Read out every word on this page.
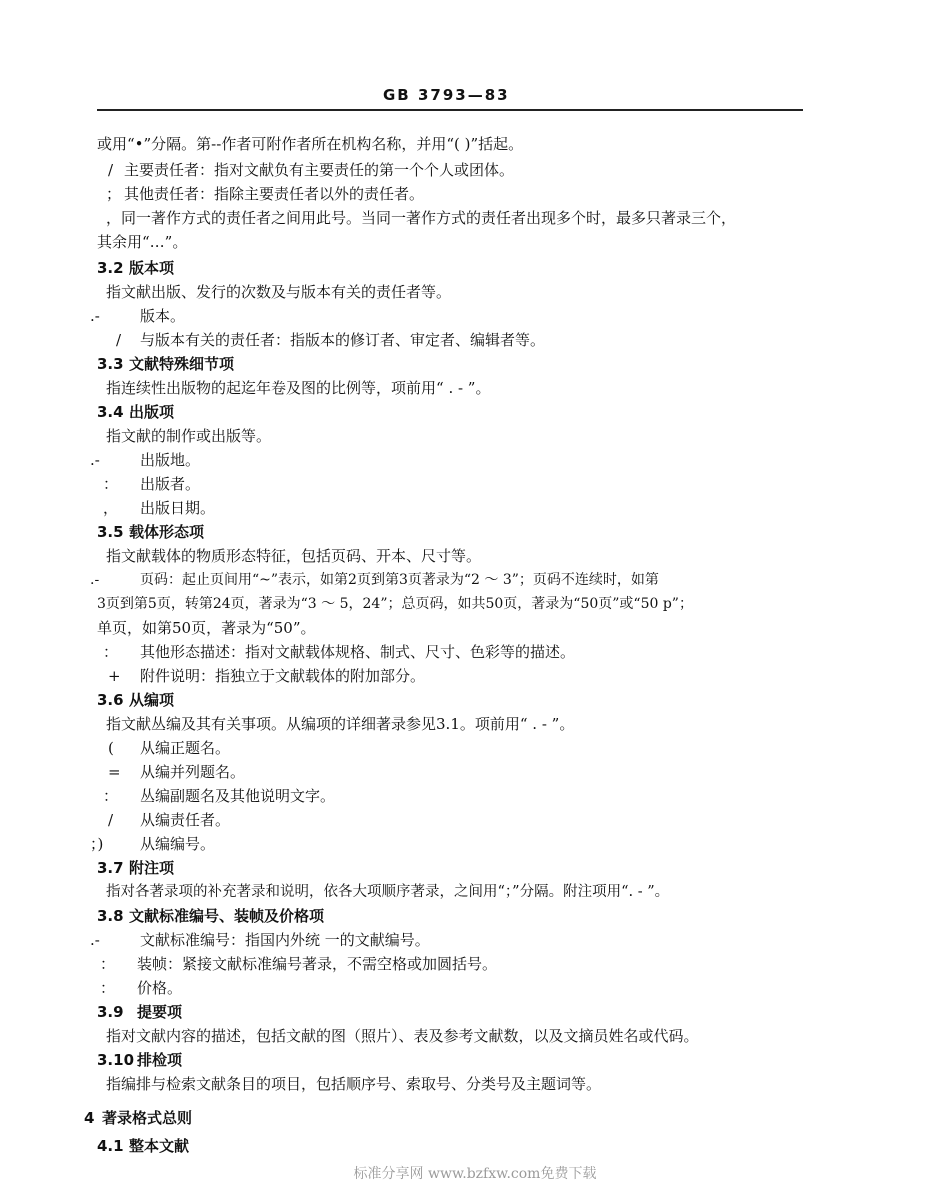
GB 3793—83
或用“•”分隔。第--作者可附作者所在机构名称，并用“( )”括起。
/ 主要责任者：指对文献负有主要责任的第一个个人或团体。
； 其他责任者：指除主要责任者以外的责任者。
，同一著作方式的责任者之间用此号。当同一著作方式的责任者出现多个时，最多只著录三个，
其余用“…”。
3.2 版本项
指文献出版、发行的次数及与版本有关的责任者等。
.-	版本。
/ 与版本有关的责任者：指版本的修订者、审定者、编辑者等。
3.3 文献特殊细节项
指连续性出版物的起迄年卷及图的比例等，项前用“ . - ”。
3.4 出版项
指文献的制作或出版等。
.-	出版地。
： 出版者。
， 出版日期。
3.5 载体形态项
指文献载体的物质形态特征，包括页码、开本、尺寸等。
.-	页码：起止页间用“~”表示，如第2页到第3页著录为“2 ～ 3”；页码不连续时，如第
3页到第5页，转第24页，著录为“3 ～ 5，24”；总页码，如共50页，著录为“50页”或“50 p”；
单页，如第50页，著录为“50”。
： 其他形态描述：指对文献载体规格、制式、尺寸、色彩等的描述。
+ 附件说明：指独立于文献载体的附加部分。
3.6 从编项
指文献丛编及其有关事项。从编项的详细著录参见3.1。项前用“ . - ”。
( 从编正题名。
= 从编并列题名。
： 丛编副题名及其他说明文字。
/ 从编责任者。
；) 从编编号。
3.7 附注项
指对各著录项的补充著录和说明，依各大项顺序著录，之间用“；”分隔。附注项用“. - ”。
3.8 文献标准编号、装帧及价格项
.-	文献标准编号：指国内外统 一的文献编号。
： 装帧：紧接文献标准编号著录，不需空格或加圆括号。
： 价格。
3.9 提要项
指对文献内容的描述，包括文献的图（照片）、表及参考文献数，以及文摘员姓名或代码。
3.10 排检项
指编排与检索文献条目的项目，包括顺序号、索取号、分类号及主题词等。
4 著录格式总则
4.1 整本文献
标准分享网 www.bzfxw.com免费下载
